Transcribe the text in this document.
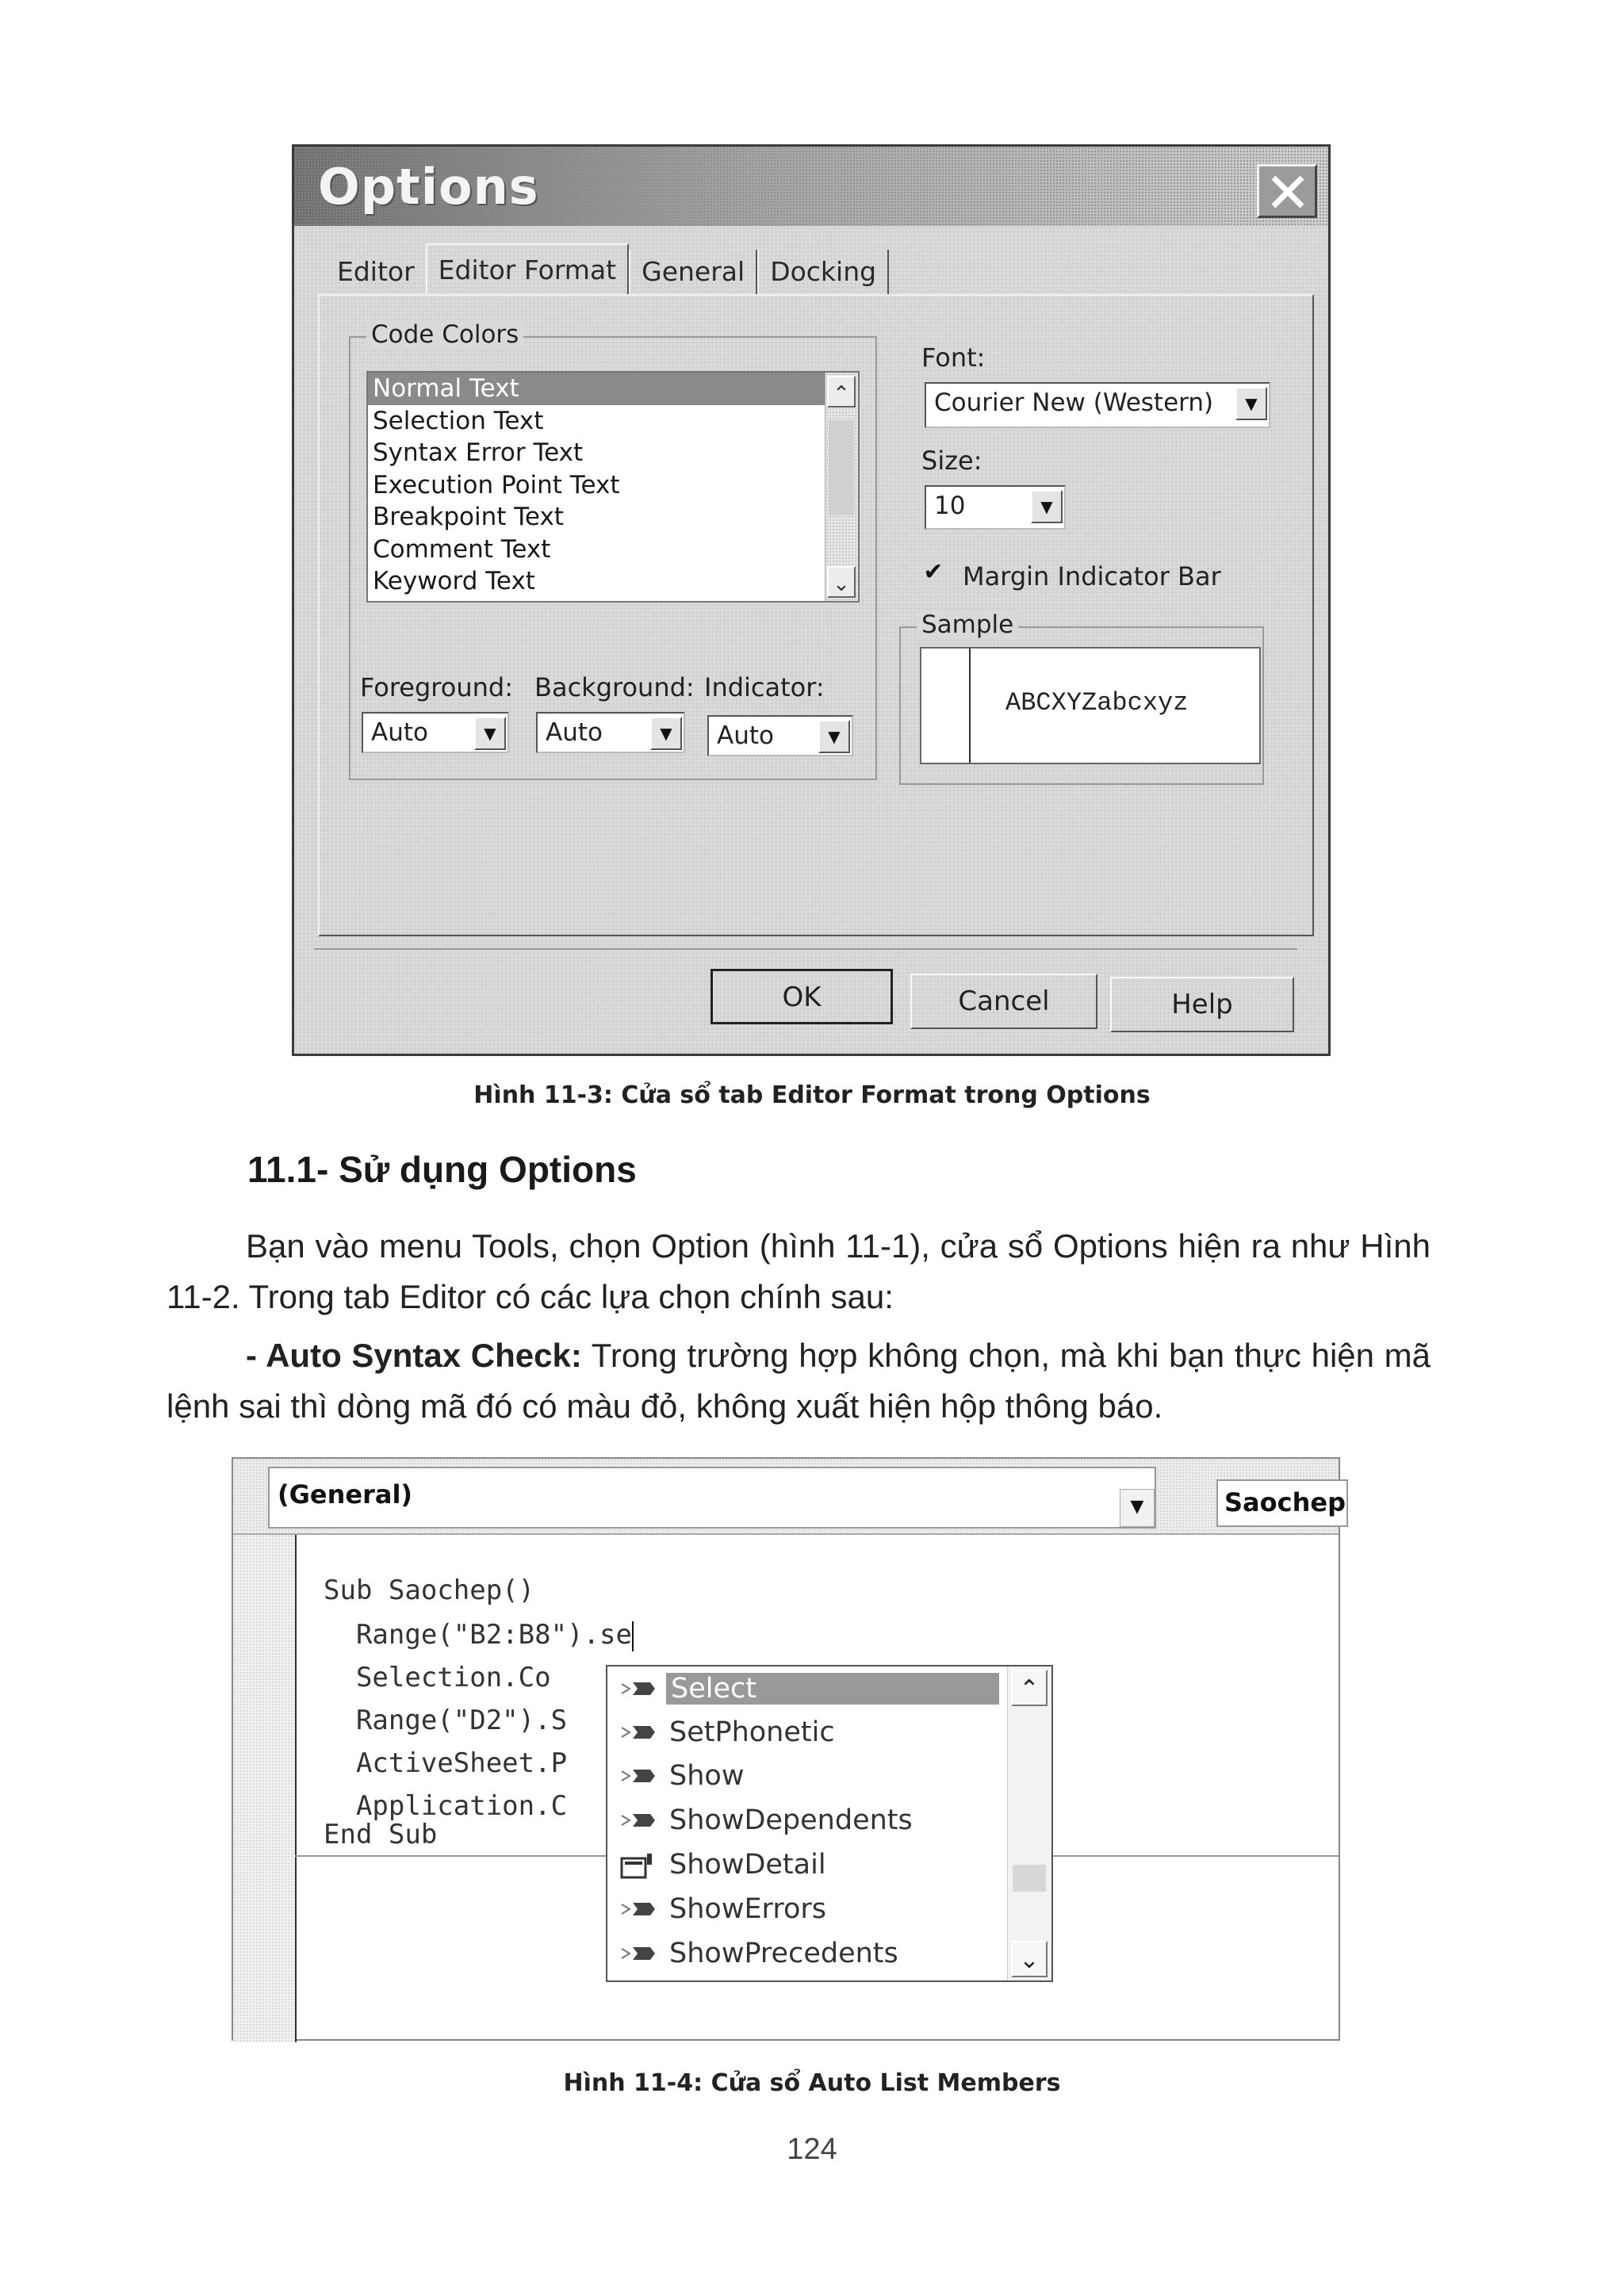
Options
Editor Editor Format General Docking
Code Colors
Normal Text
Selection Text
Syntax Error Text
Execution Point Text
Breakpoint Text
Comment Text
Keyword Text
⌃
⌄
Foreground: Background: Indicator:
Auto	▼	Auto	▼	Auto	▼
Font:
Courier New (Western)	▼
Size:
10	▼
✔ Margin Indicator Bar
Sample
ABCXYZabcxyz
OK	Cancel	Help
Hình 11-3: Cửa sổ tab Editor Format trong Options
11.1- Sử dụng Options
Bạn vào menu Tools, chọn Option (hình 11-1), cửa sổ Options hiện ra như Hình 11-2. Trong tab Editor có các lựa chọn chính sau:
- Auto Syntax Check: Trong trường hợp không chọn, mà khi bạn thực hiện mã lệnh sai thì dòng mã đó có màu đỏ, không xuất hiện hộp thông báo.
(General)	▼	Saochep
Sub Saochep()
Range("B2:B8").se
Selection.Co
Range("D2").S
ActiveSheet.P
Application.C
End Sub
Select
SetPhonetic
Show
ShowDependents
ShowDetail
ShowErrors
ShowPrecedents
⌃
⌄
Hình 11-4: Cửa sổ Auto List Members
124
